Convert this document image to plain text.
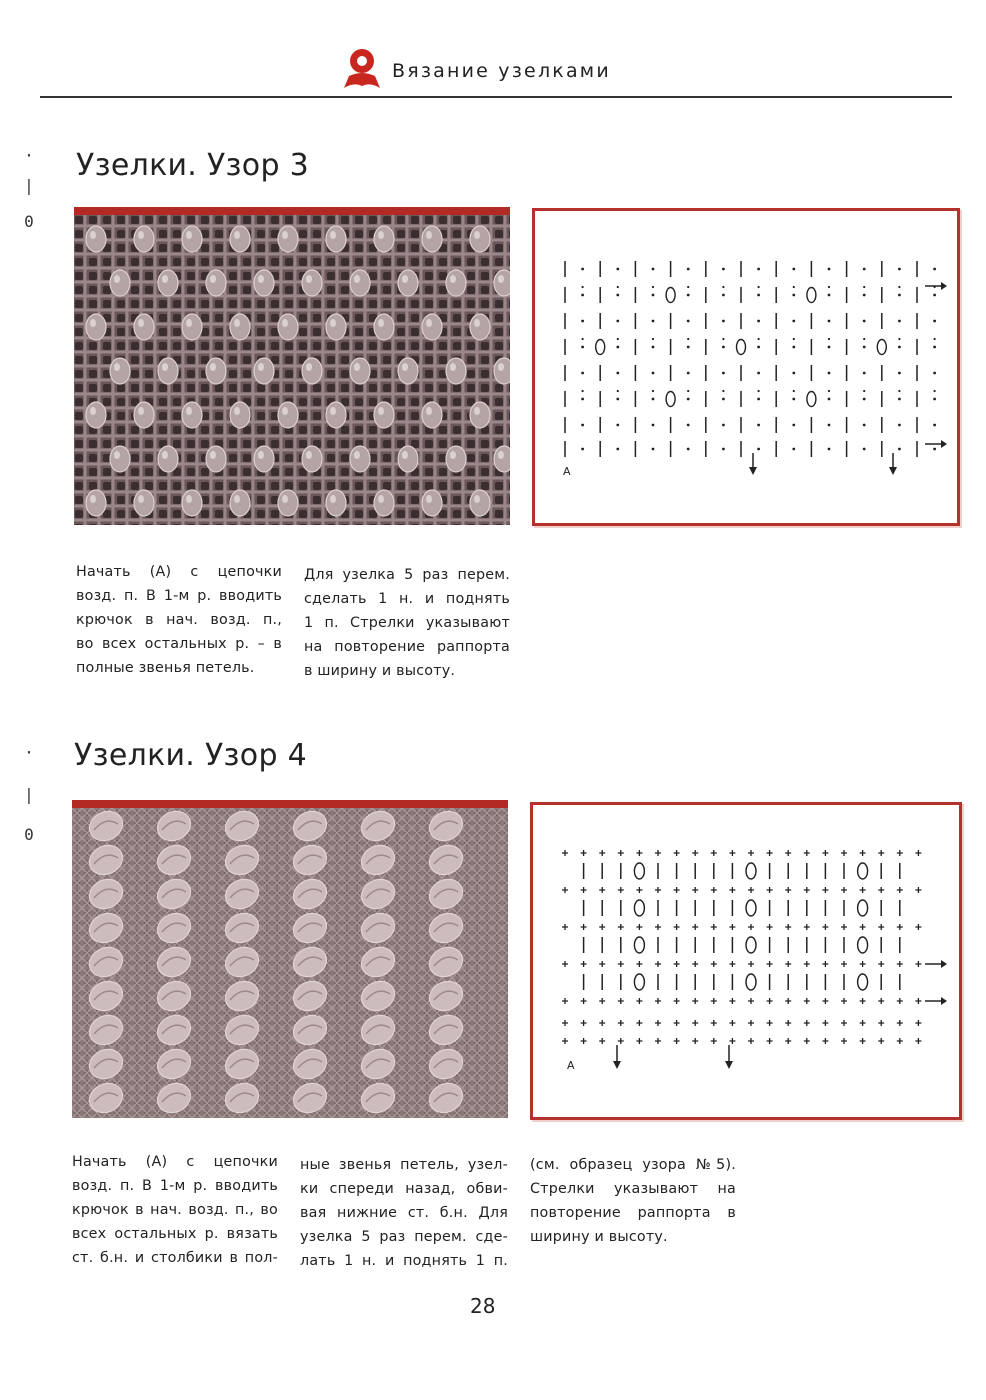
Вязание узелками
·
|
0
·
|
0
Узелки. Узор 3
A
Начать (А) с цепочки
возд. п. В 1-м р. вводить
крючок в нач. возд. п.,
во всех остальных р. – в
полные звенья петель.
Для узелка 5 раз перем.
сделать 1 н. и поднять
1 п. Стрелки указывают
на повторение раппорта
в ширину и высоту.
Узелки. Узор 4
A
Начать (А) с цепочки
возд. п. В 1-м р. вводить
крючок в нач. возд. п., во
всех остальных р. вязать
ст. б.н. и столбики в пол-
ные звенья петель, узел-
ки спереди назад, обви-
вая нижние ст. б.н. Для
узелка 5 раз перем. сде-
лать 1 н. и поднять 1 п.
(см. образец узора №5).
Стрелки указывают на
повторение раппорта в
ширину и высоту.
28
